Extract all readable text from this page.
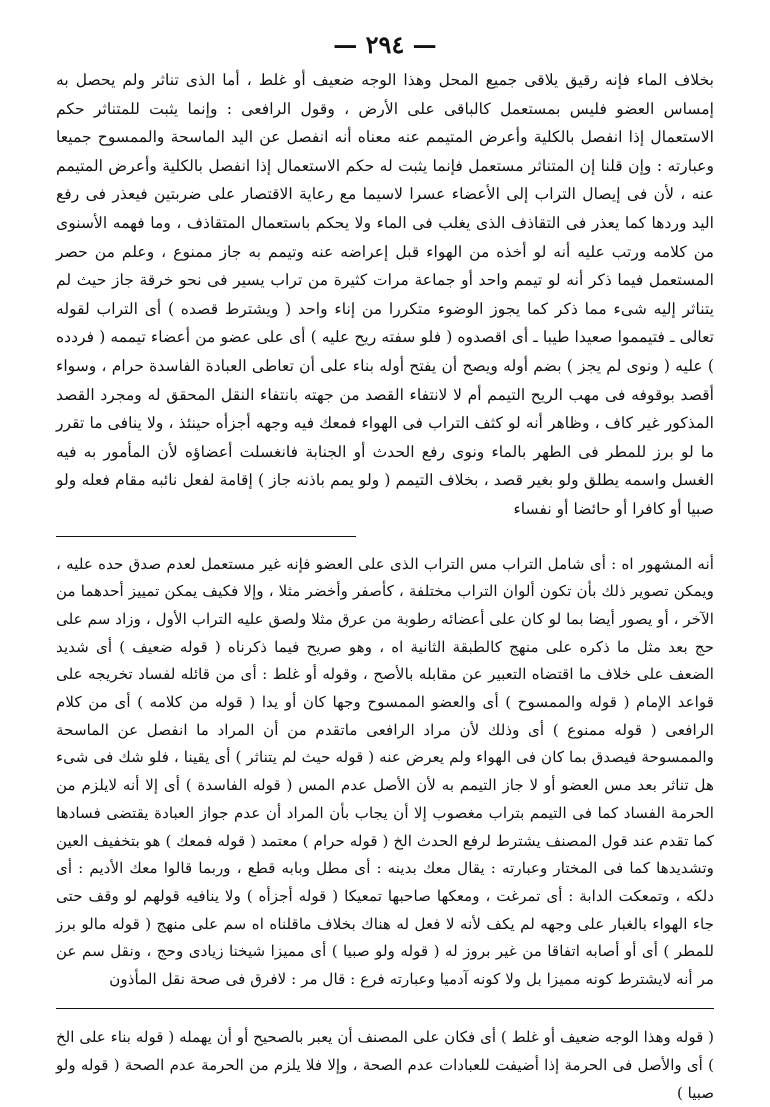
— ٢٩٤ —

بخلاف الماء فإنه رقيق يلاقى جميع المحل وهذا الوجه ضعيف أو غلط ، أما الذى تناثر ولم يحصل به إمساس العضو فليس بمستعمل كالباقى على الأرض ، وقول الرافعى : وإنما يثبت للمتناثر حكم الاستعمال إذا انفصل بالكلية وأعرض المتيمم عنه معناه أنه انفصل عن اليد الماسحة والممسوح جميعا وعبارته : وإن قلنا إن المتناثر مستعمل فإنما يثبت له حكم الاستعمال إذا انفصل بالكلية وأعرض المتيمم عنه ، لأن فى إيصال التراب إلى الأعضاء عسرا لاسيما مع رعاية الاقتصار على ضربتين فيعذر فى رفع اليد وردها كما يعذر فى التقاذف الذى يغلب فى الماء ولا يحكم باستعمال المتقاذف ، وما فهمه الأسنوى من كلامه ورتب عليه أنه لو أخذه من الهواء قبل إعراضه عنه وتيمم به جاز ممنوع ، وعلم من حصر المستعمل فيما ذكر أنه لو تيمم واحد أو جماعة مرات كثيرة من تراب يسير فى نحو خرقة جاز حيث لم يتناثر إليه شىء مما ذكر كما يجوز الوضوء متكررا من إناء واحد ( ويشترط قصده ) أى التراب لقوله تعالى ـ فتيمموا صعيدا طيبا ـ أى اقصدوه ( فلو سفته ريح عليه ) أى على عضو من أعضاء تيممه ( فردده ) عليه ( ونوى لم يجز ) بضم أوله ويصح أن يفتح أوله بناء على أن تعاطى العبادة الفاسدة حرام ، وسواء أقصد بوقوفه فى مهب الريح التيمم أم لا لانتفاء القصد من جهته بانتفاء النقل المحقق له ومجرد القصد المذكور غير كاف ، وظاهر أنه لو كثف التراب فى الهواء فمعك فيه وجهه أجزأه حينئذ ، ولا ينافى ما تقرر ما لو برز للمطر فى الطهر بالماء ونوى رفع الحدث أو الجنابة فانغسلت أعضاؤه لأن المأمور به فيه الغسل واسمه يطلق ولو بغير قصد ، بخلاف التيمم ( ولو يمم باذنه جاز ) إقامة لفعل نائبه مقام فعله ولو صبيا أو كافرا أو حائضا أو نفساء

أنه المشهور اه : أى شامل التراب مس التراب الذى على العضو فإنه غير مستعمل لعدم صدق حده عليه ، ويمكن تصوير ذلك بأن تكون ألوان التراب مختلفة ، كأصفر وأخضر مثلا ، وإلا فكيف يمكن تمييز أحدهما من الآخر ، أو يصور أيضا بما لو كان على أعضائه رطوبة من عرق مثلا ولصق عليه التراب الأول ، وزاد سم على حج بعد مثل ما ذكره على منهج كالطبقة الثانية اه ، وهو صريح فيما ذكرناه ( قوله ضعيف ) أى شديد الضعف على خلاف ما اقتضاه التعبير عن مقابله بالأصح ، وقوله أو غلط : أى من قائله لفساد تخريجه على قواعد الإمام ( قوله والممسوح ) أى والعضو الممسوح وجها كان أو يدا ( قوله من كلامه ) أى من كلام الرافعى ( قوله ممنوع ) أى وذلك لأن مراد الرافعى ماتقدم من أن المراد ما انفصل عن الماسحة والممسوحة فيصدق بما كان فى الهواء ولم يعرض عنه ( قوله حيث لم يتناثر ) أى يقينا ، فلو شك فى شىء هل تناثر بعد مس العضو أو لا جاز التيمم به لأن الأصل عدم المس ( قوله الفاسدة ) أى إلا أنه لايلزم من الحرمة الفساد كما فى التيمم بتراب مغصوب إلا أن يجاب بأن المراد أن عدم جواز العبادة يقتضى فسادها كما تقدم عند قول المصنف يشترط لرفع الحدث الخ ( قوله حرام ) معتمد ( قوله فمعك ) هو بتخفيف العين وتشديدها كما فى المختار وعبارته : يقال معك بدينه : أى مطل وبابه قطع ، وربما قالوا معك الأديم : أى دلكه ، وتمعكت الدابة : أى تمرغت ، ومعكها صاحبها تمعيكا ( قوله أجزأه ) ولا ينافيه قولهم لو وقف حتى جاء الهواء بالغبار على وجهه لم يكف لأنه لا فعل له هناك بخلاف ماقلناه اه سم على منهج ( قوله مالو برز للمطر ) أى أو أصابه اتفاقا من غير بروز له ( قوله ولو صبيا ) أى مميزا شيخنا زيادى وحج ، ونقل سم عن مر أنه لايشترط كونه مميزا بل ولا كونه آدميا وعبارته فرع : قال مر : لافرق فى صحة نقل المأذون

( قوله وهذا الوجه ضعيف أو غلط ) أى فكان على المصنف أن يعبر بالصحيح أو أن يهمله ( قوله بناء على الخ ) أى والأصل فى الحرمة إذا أضيفت للعبادات عدم الصحة ، وإلا فلا يلزم من الحرمة عدم الصحة ( قوله ولو صبيا )
